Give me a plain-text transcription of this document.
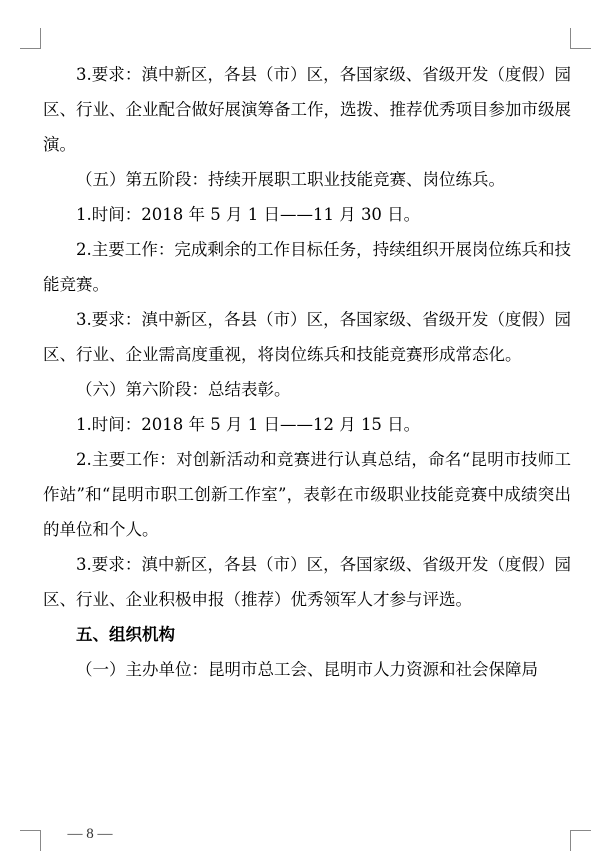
3.要求：滇中新区，各县（市）区，各国家级、省级开发（度假）园区、行业、企业配合做好展演筹备工作，选拨、推荐优秀项目参加市级展演。

（五）第五阶段：持续开展职工职业技能竞赛、岗位练兵。

1.时间：2018 年 5 月 1 日——11 月 30 日。

2.主要工作：完成剩余的工作目标任务，持续组织开展岗位练兵和技能竞赛。

3.要求：滇中新区，各县（市）区，各国家级、省级开发（度假）园区、行业、企业需高度重视，将岗位练兵和技能竞赛形成常态化。

（六）第六阶段：总结表彰。

1.时间：2018 年 5 月 1 日——12 月 15 日。

2.主要工作：对创新活动和竞赛进行认真总结，命名“昆明市技师工作站”和“昆明市职工创新工作室”，表彰在市级职业技能竞赛中成绩突出的单位和个人。

3.要求：滇中新区，各县（市）区，各国家级、省级开发（度假）园区、行业、企业积极申报（推荐）优秀领军人才参与评选。

五、组织机构

（一）主办单位：昆明市总工会、昆明市人力资源和社会保障局

— 8 —
